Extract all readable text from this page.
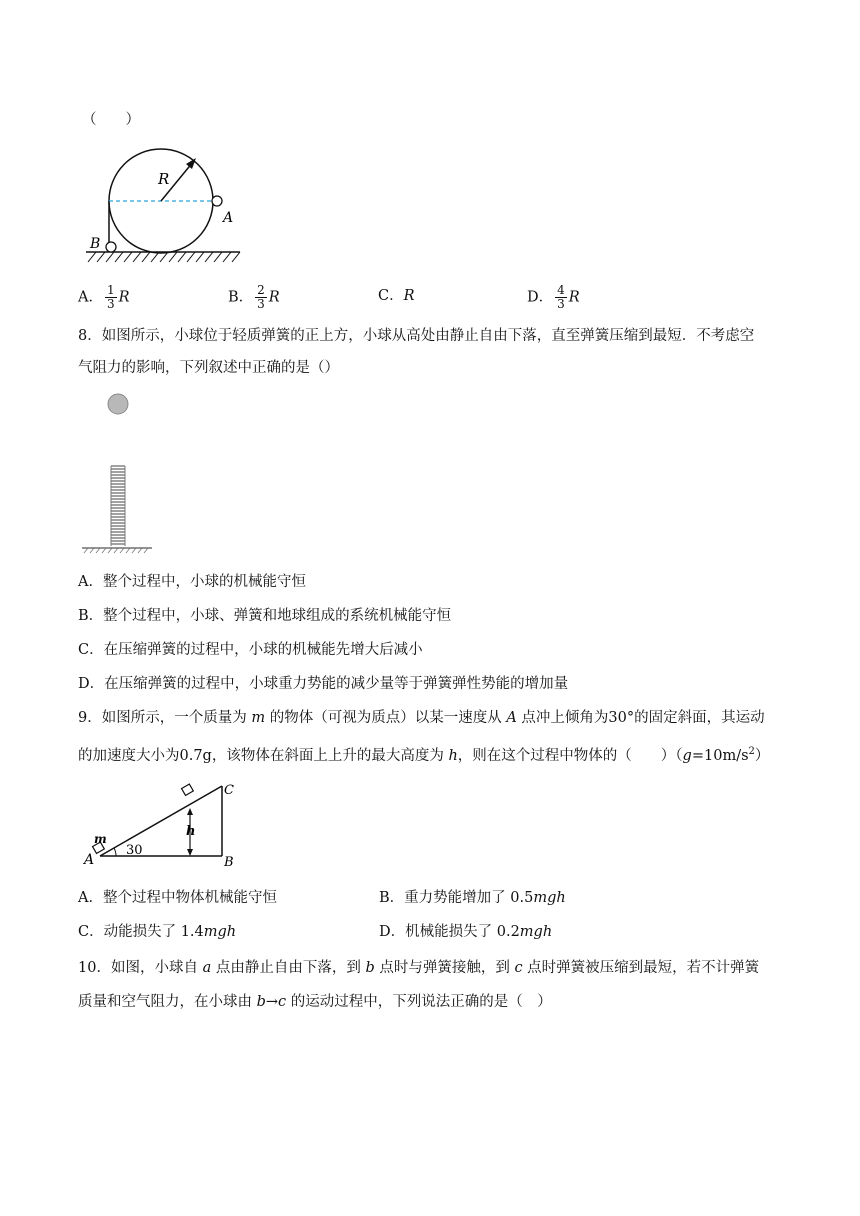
（　　）
R
A
B
A． $\frac{1}{3}$ R	B． $\frac{2}{3}$ R	C．R	D． $\frac{4}{3}$ R
8．如图所示，小球位于轻质弹簧的正上方，小球从高处由静止自由下落，直至弹簧压缩到最短．不考虑空
气阻力的影响，下列叙述中正确的是（）
A．整个过程中，小球的机械能守恒
B．整个过程中，小球、弹簧和地球组成的系统机械能守恒
C．在压缩弹簧的过程中，小球的机械能先增大后减小
D．在压缩弹簧的过程中，小球重力势能的减少量等于弹簧弹性势能的增加量
9．如图所示，一个质量为 m 的物体（可视为质点）以某一速度从 A 点冲上倾角为30°的固定斜面，其运动
的加速度大小为0.7g，该物体在斜面上上升的最大高度为 h，则在这个过程中物体的（　　）$(g=10m/s^2)$
m
A
30
h
B
C
A．整个过程中物体机械能守恒	B．重力势能增加了 0.5mgh
C．动能损失了 1.4mgh	D．机械能损失了 0.2mgh
10．如图，小球自 a 点由静止自由下落，到 b 点时与弹簧接触，到 c 点时弹簧被压缩到最短，若不计弹簧
质量和空气阻力，在小球由 b→c 的运动过程中，下列说法正确的是（　）
